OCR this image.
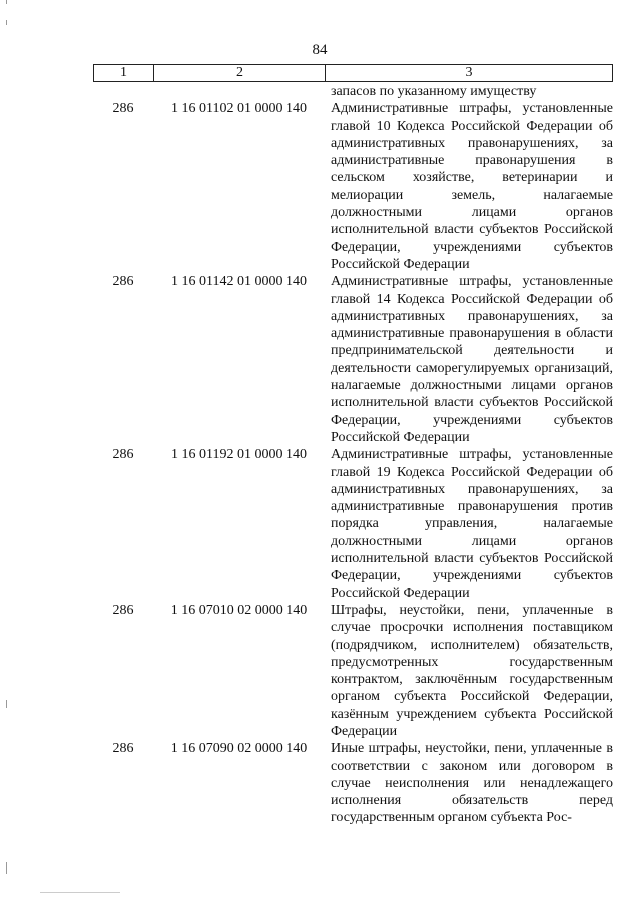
84
1	2	3
запасов по указанному имуществу
286	1 16 01102 01 0000 140	Административные штрафы, установленные главой 10 Кодекса Российской Федерации об административных правонарушениях, за административные правонарушения в сельском хозяйстве, ветеринарии и мелиорации земель, налагаемые должностными лицами органов исполнительной власти субъектов Российской Федерации, учреждениями субъектов Российской Федерации
286	1 16 01142 01 0000 140	Административные штрафы, установленные главой 14 Кодекса Российской Федерации об административных правонарушениях, за административные правонарушения в области предпринимательской деятельности и деятельности саморегулируемых организаций, налагаемые должностными лицами органов исполнительной власти субъектов Российской Федерации, учреждениями субъектов Российской Федерации
286	1 16 01192 01 0000 140	Административные штрафы, установленные главой 19 Кодекса Российской Федерации об административных правонарушениях, за административные правонарушения против порядка управления, налагаемые должностными лицами органов исполнительной власти субъектов Российской Федерации, учреждениями субъектов Российской Федерации
286	1 16 07010 02 0000 140	Штрафы, неустойки, пени, уплаченные в случае просрочки исполнения поставщиком (подрядчиком, исполнителем) обязательств, предусмотренных государственным контрактом, заключённым государственным органом субъекта Российской Федерации, казённым учреждением субъекта Российской Федерации
286	1 16 07090 02 0000 140	Иные штрафы, неустойки, пени, уплаченные в соответствии с законом или договором в случае неисполнения или ненадлежащего исполнения обязательств перед государственным органом субъекта Рос-
